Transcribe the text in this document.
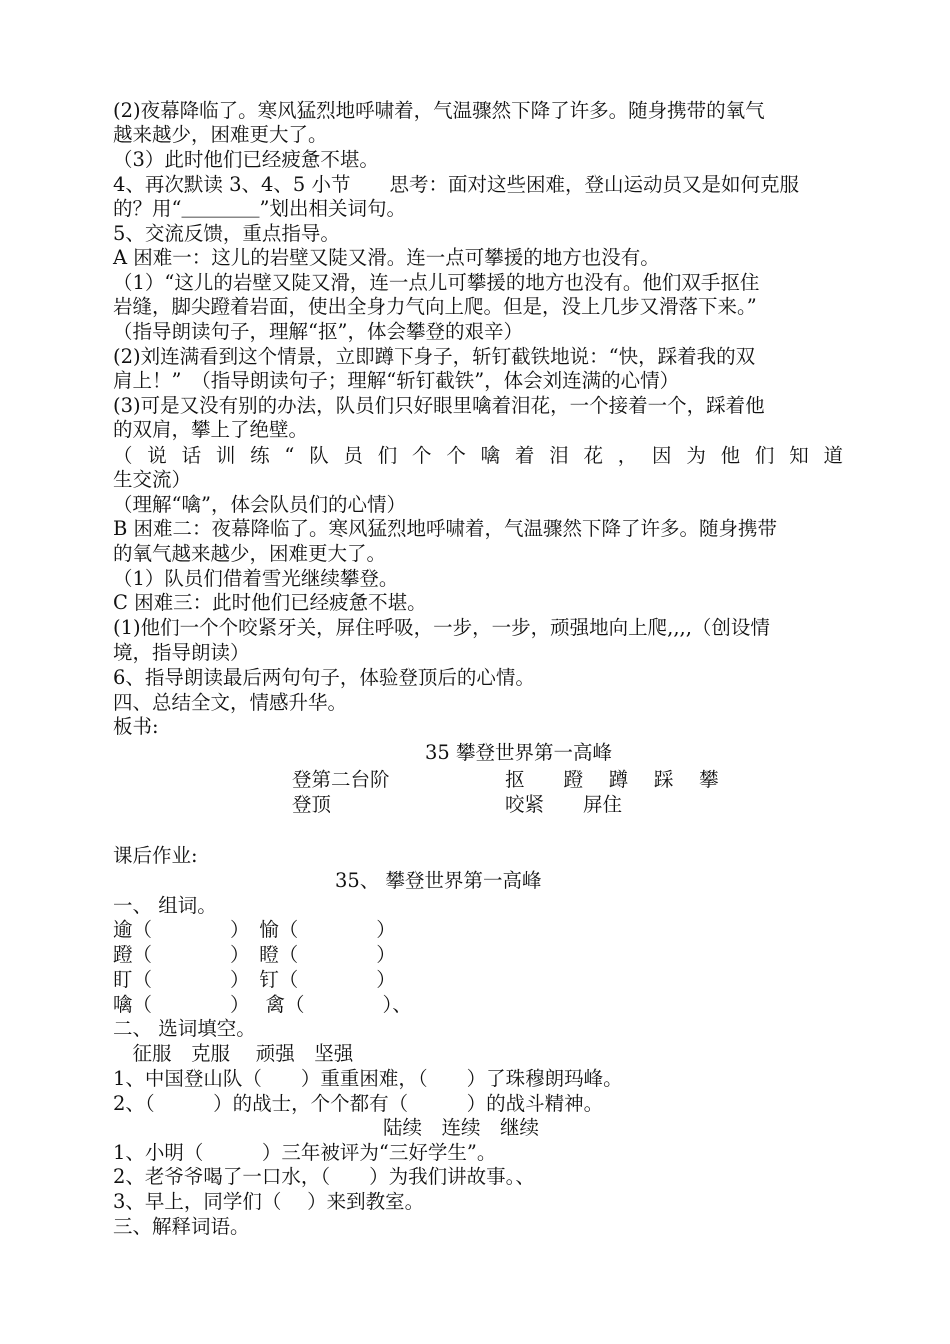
(2)夜幕降临了。寒风猛烈地呼啸着，气温骤然下降了许多。随身携带的氧气
越来越少，困难更大了。
（3）此时他们已经疲惫不堪。
4、再次默读 3、4、5 小节　　思考：面对这些困难，登山运动员又是如何克服
的？用“＿＿＿＿”划出相关词句。
5、交流反馈，重点指导。
A 困难一：这儿的岩壁又陡又滑。连一点可攀援的地方也没有。
（1）“这儿的岩壁又陡又滑，连一点儿可攀援的地方也没有。他们双手抠住
岩缝，脚尖蹬着岩面，使出全身力气向上爬。但是，没上几步又滑落下来。”
（指导朗读句子，理解“抠”，体会攀登的艰辛）
(2)刘连满看到这个情景，立即蹲下身子，斩钉截铁地说：“快，踩着我的双
肩上！”　（指导朗读句子；理解“斩钉截铁”，体会刘连满的心情）
(3)可是又没有别的办法，队员们只好眼里噙着泪花，一个接着一个，踩着他
的双肩，攀上了绝壁。
（说话训练“队员们个个噙着泪花，因为他们知道
生交流）
（理解“噙”，体会队员们的心情）
B 困难二：夜幕降临了。寒风猛烈地呼啸着，气温骤然下降了许多。随身携带
的氧气越来越少，困难更大了。
（1）队员们借着雪光继续攀登。
C 困难三：此时他们已经疲惫不堪。
(1)他们一个个咬紧牙关，屏住呼吸，一步，一步，顽强地向上爬,,,,（创设情
境，指导朗读）
6、指导朗读最后两句句子，体验登顶后的心情。
四、总结全文，情感升华。
板书:
35 攀登世界第一高峰
登第二台阶	抠　　蹬　 蹲　 踩　 攀
登顶	咬紧　　屏住
课后作业:
35、 攀登世界第一高峰
一、 组词。
逾（　　　　）　愉（　　　　）
蹬（　　　　）　瞪（　　　　）
盯（　　　　）　钉（　　　　）
噙（　　　　）　 禽（　　　　）、
二、 选词填空。
　征服　克服　 顽强　坚强
1、中国登山队（　　）重重困难，（　　）了珠穆朗玛峰。
2、（　　　）的战士，个个都有（　　　）的战斗精神。
陆续　连续　继续
1、小明（　　　）三年被评为“三好学生”。
2、老爷爷喝了一口水，（　　）为我们讲故事。、
3、早上，同学们（　 ）来到教室。
三、解释词语。
